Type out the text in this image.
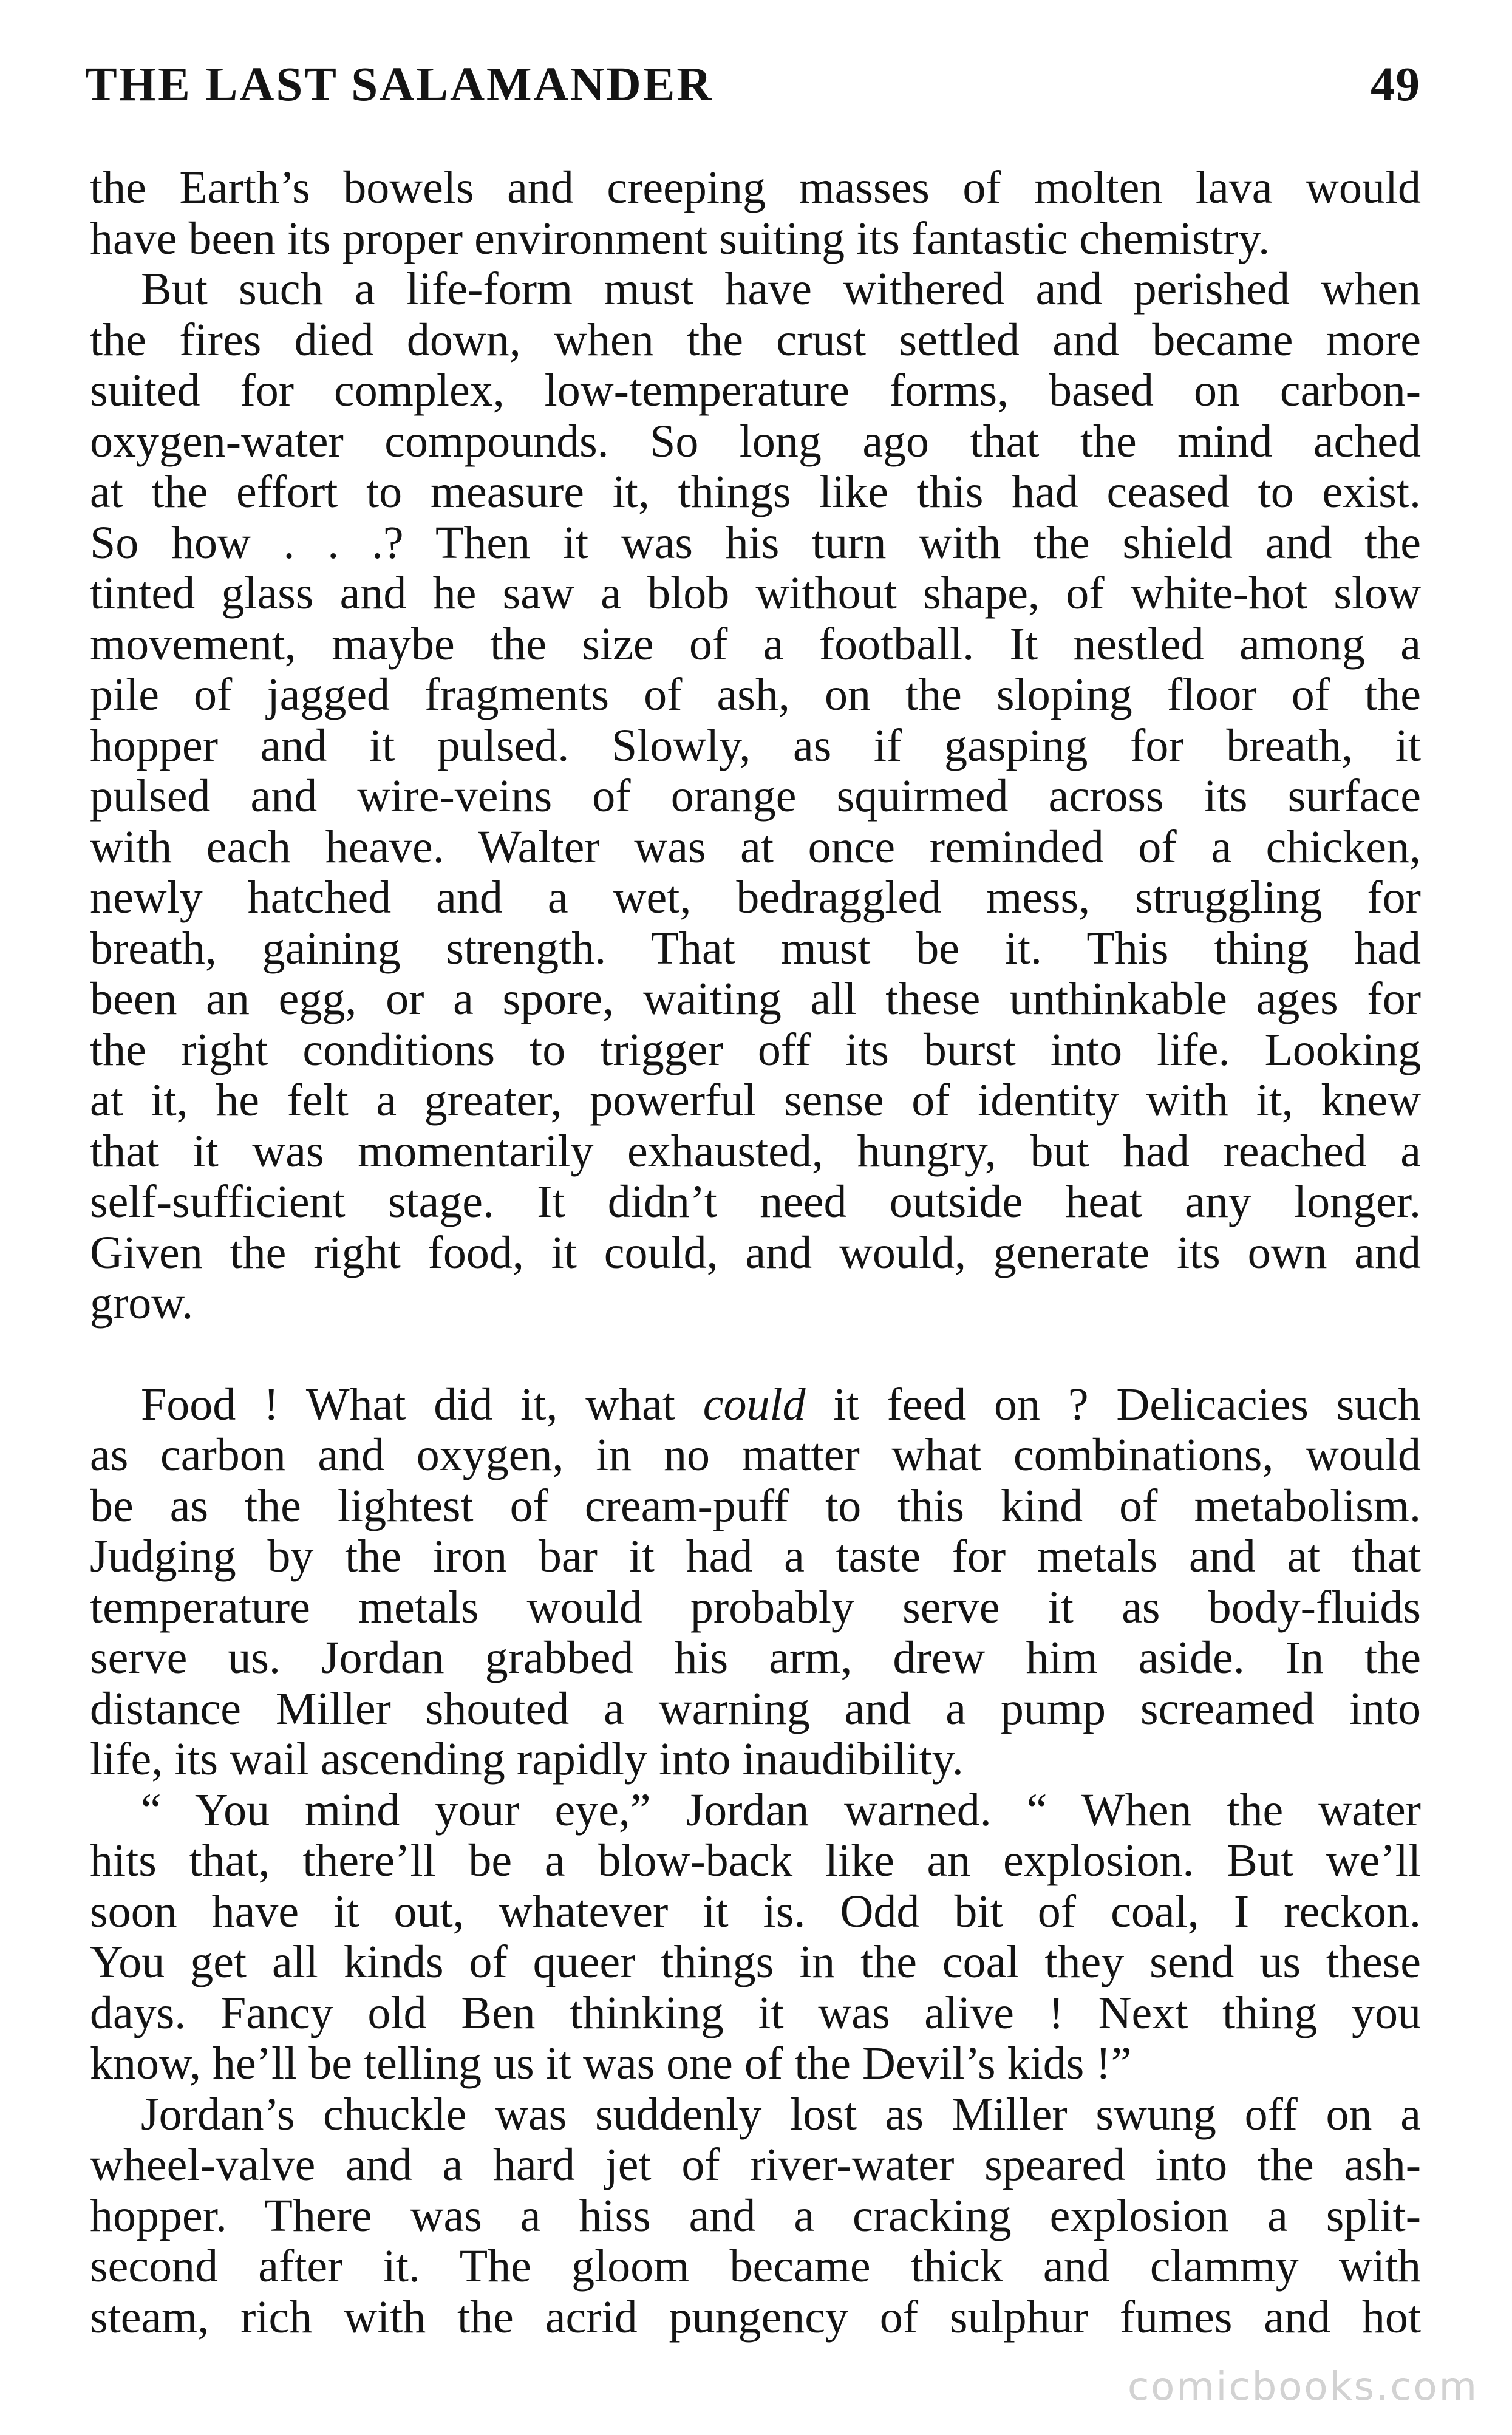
THE LAST SALAMANDER	49
the Earth’s bowels and creeping masses of molten lava would
have been its proper environment suiting its fantastic chemistry.
But such a life-form must have withered and perished when
the fires died down, when the crust settled and became more
suited for complex, low-temperature forms, based on carbon-
oxygen-water compounds. So long ago that the mind ached
at the effort to measure it, things like this had ceased to exist.
So how . . .? Then it was his turn with the shield and the
tinted glass and he saw a blob without shape, of white-hot slow
movement, maybe the size of a football. It nestled among a
pile of jagged fragments of ash, on the sloping floor of the
hopper and it pulsed. Slowly, as if gasping for breath, it
pulsed and wire-veins of orange squirmed across its surface
with each heave. Walter was at once reminded of a chicken,
newly hatched and a wet, bedraggled mess, struggling for
breath, gaining strength. That must be it. This thing had
been an egg, or a spore, waiting all these unthinkable ages for
the right conditions to trigger off its burst into life. Looking
at it, he felt a greater, powerful sense of identity with it, knew
that it was momentarily exhausted, hungry, but had reached a
self-sufficient stage. It didn’t need outside heat any longer.
Given the right food, it could, and would, generate its own and
grow.
Food ! What did it, what could it feed on ? Delicacies such
as carbon and oxygen, in no matter what combinations, would
be as the lightest of cream-puff to this kind of metabolism.
Judging by the iron bar it had a taste for metals and at that
temperature metals would probably serve it as body-fluids
serve us. Jordan grabbed his arm, drew him aside. In the
distance Miller shouted a warning and a pump screamed into
life, its wail ascending rapidly into inaudibility.
“ You mind your eye,” Jordan warned. “ When the water
hits that, there’ll be a blow-back like an explosion. But we’ll
soon have it out, whatever it is. Odd bit of coal, I reckon.
You get all kinds of queer things in the coal they send us these
days. Fancy old Ben thinking it was alive ! Next thing you
know, he’ll be telling us it was one of the Devil’s kids !”
Jordan’s chuckle was suddenly lost as Miller swung off on a
wheel-valve and a hard jet of river-water speared into the ash-
hopper. There was a hiss and a cracking explosion a split-
second after it. The gloom became thick and clammy with
steam, rich with the acrid pungency of sulphur fumes and hot
comicbooks.com
